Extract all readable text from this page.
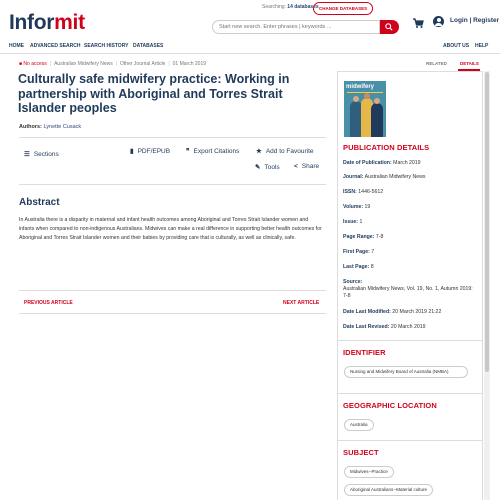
Informit
Searching: 14 databases CHANGE DATABASES
Start new search. Enter phrases | keywords ...
Login | Register
HOME ADVANCED SEARCH SEARCH HISTORY DATABASES	ABOUT US HELP
■ No access | Australian Midwifery News | Other Journal Article | 01 March 2019
Culturally safe midwifery practice: Working in partnership with Aboriginal and Torres Strait Islander peoples
Authors: Lynette Cusack
☰ Sections	▮ PDF/EPUB ❞ Export Citations	★ Add to Favourite
✎ Tools < Share
Abstract
In Australia there is a disparity in maternal and infant health outcomes among Aboriginal and Torres Strait Islander women and infants when compared to non-indigenous Australians. Midwives can make a real difference in supporting better health outcomes for Aboriginal and Torres Strait Islander women and their babies by providing care that is culturally, as well as clinically, safe.
PREVIOUS ARTICLE	NEXT ARTICLE
RELATED	DETAILS
midwifery
PUBLICATION DETAILS
Date of Publication: March 2019
Journal: Australian Midwifery News
ISSN: 1446-5612
Volume: 19
Issue: 1
Page Range: 7-8
First Page: 7
Last Page: 8
Source:
Australian Midwifery News, Vol. 19, No. 1, Autumn 2019: 7-8
Date Last Modified: 20 March 2019 21:22
Date Last Revised: 20 March 2019
IDENTIFIER
Nursing and Midwifery Board of Australia (NMBA)
GEOGRAPHIC LOCATION
Australia
SUBJECT
Midwives--Practice
Aboriginal Australians--Material culture
